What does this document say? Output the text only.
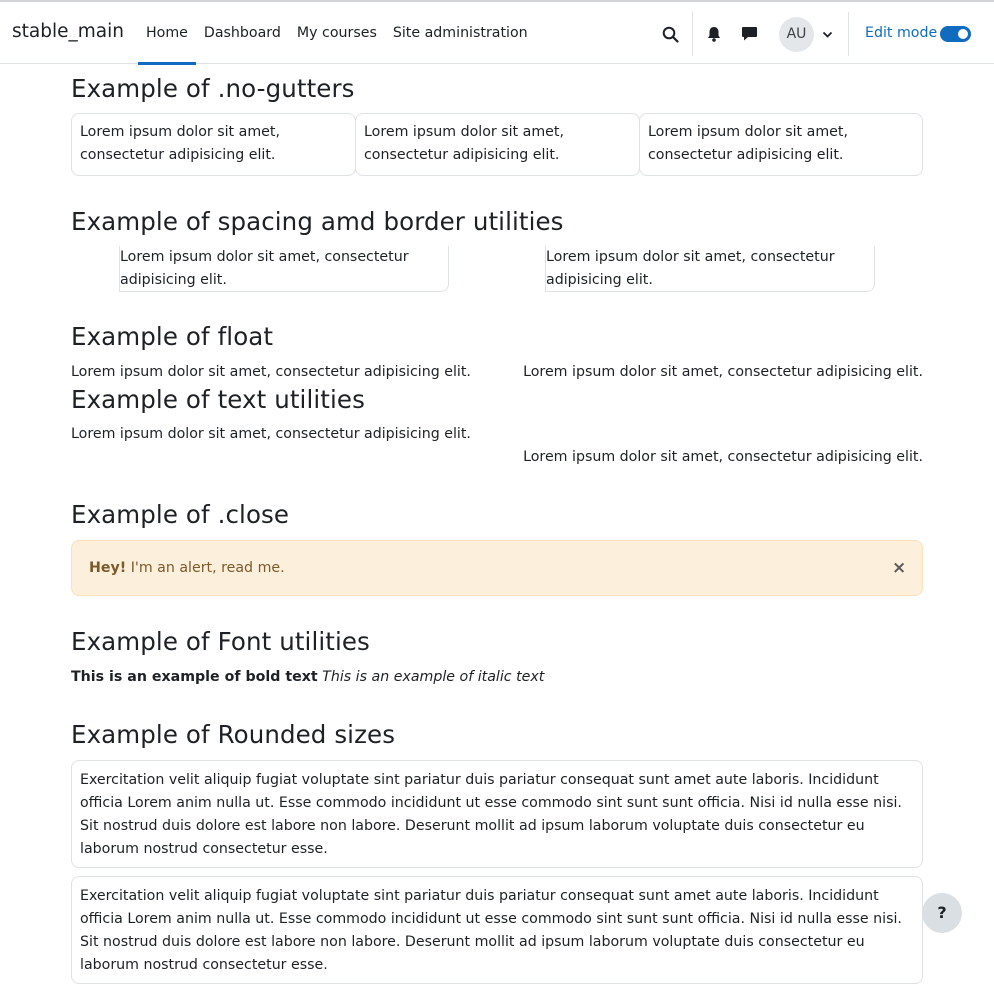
stable_main	Home	Dashboard	My courses	Site administration	AU	Edit mode
Example of .no-gutters
Lorem ipsum dolor sit amet, consectetur adipisicing elit.
Lorem ipsum dolor sit amet, consectetur adipisicing elit.
Lorem ipsum dolor sit amet, consectetur adipisicing elit.
Example of spacing amd border utilities
Lorem ipsum dolor sit amet, consectetur adipisicing elit.
Lorem ipsum dolor sit amet, consectetur adipisicing elit.
Example of float
Lorem ipsum dolor sit amet, consectetur adipisicing elit.	Lorem ipsum dolor sit amet, consectetur adipisicing elit.
Example of text utilities
Lorem ipsum dolor sit amet, consectetur adipisicing elit.
Lorem ipsum dolor sit amet, consectetur adipisicing elit.
Example of .close
Hey! I'm an alert, read me.	×
Example of Font utilities
This is an example of bold text This is an example of italic text
Example of Rounded sizes
Exercitation velit aliquip fugiat voluptate sint pariatur duis pariatur consequat sunt amet aute laboris. Incididunt officia Lorem anim nulla ut. Esse commodo incididunt ut esse commodo sint sunt sunt officia. Nisi id nulla esse nisi. Sit nostrud duis dolore est labore non labore. Deserunt mollit ad ipsum laborum voluptate duis consectetur eu laborum nostrud consectetur esse.
Exercitation velit aliquip fugiat voluptate sint pariatur duis pariatur consequat sunt amet aute laboris. Incididunt officia Lorem anim nulla ut. Esse commodo incididunt ut esse commodo sint sunt sunt officia. Nisi id nulla esse nisi. Sit nostrud duis dolore est labore non labore. Deserunt mollit ad ipsum laborum voluptate duis consectetur eu laborum nostrud consectetur esse.
?
